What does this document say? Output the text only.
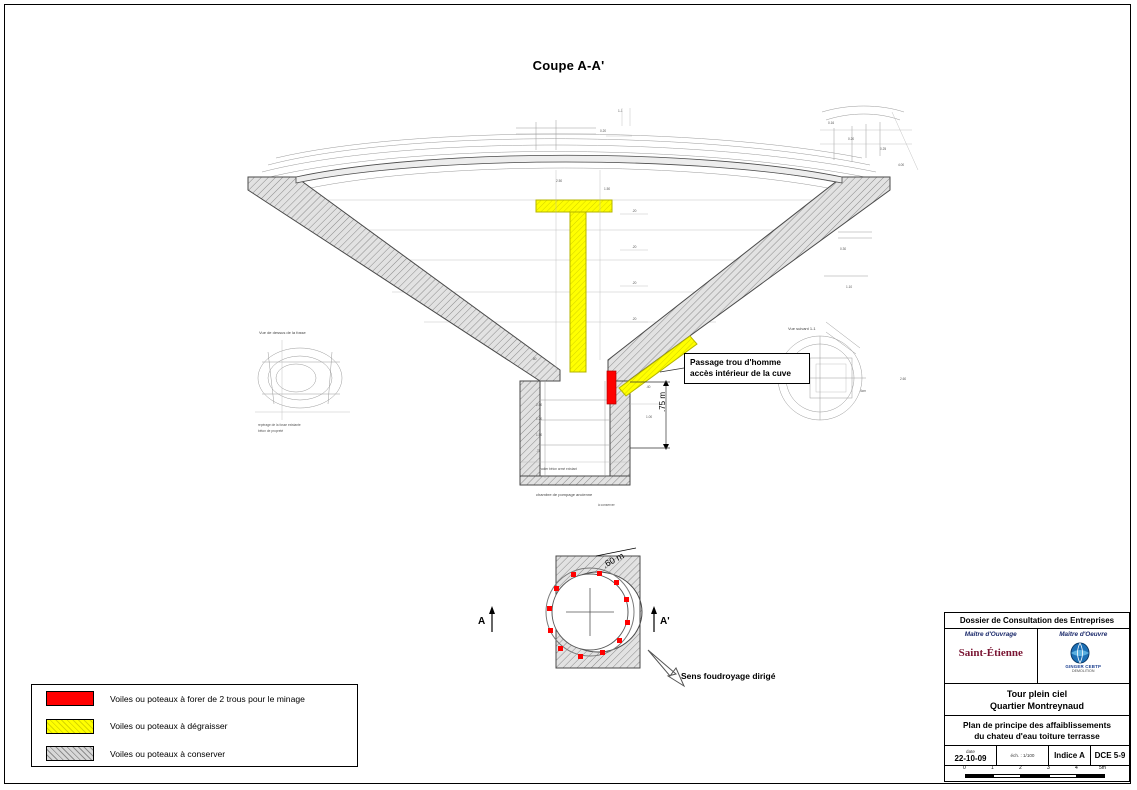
Coupe A-A'
Vue de dessus de la fosse
repérage de la fosse existante
béton de propreté
Vue suivant 1-1
4cm
2.60
0.16
0.20
0.25
4.00
0.30
1.10
0.20
1-1
.20
.20
.20
.20
2.50
1.50
.80
.40
1.00
2.50
1.20
1.50
.75
radier béton armé existant
chambre de pompage ancienne
à conserver
Passage trou d'homme accès intérieur de la cuve
.75 m
.60 m
A	A'
Sens foudroyage dirigé
Voiles ou poteaux à forer de 2 trous pour le minage
Voiles ou poteaux à dégraisser
Voiles ou poteaux à conserver
Dossier de Consultation des Entreprises
Maître d'Ouvrage
Saint-Étienne
Maître d'Oeuvre
GINGER CEBTP
DEMOLITION
Tour plein ciel
Quartier Montreynaud
Plan de principe des affaiblissements
du chateu d'eau toiture terrasse
date
22-10-09	éch. : 1/100 Indice A DCE 5-9
0	1	2	3	4	5m
